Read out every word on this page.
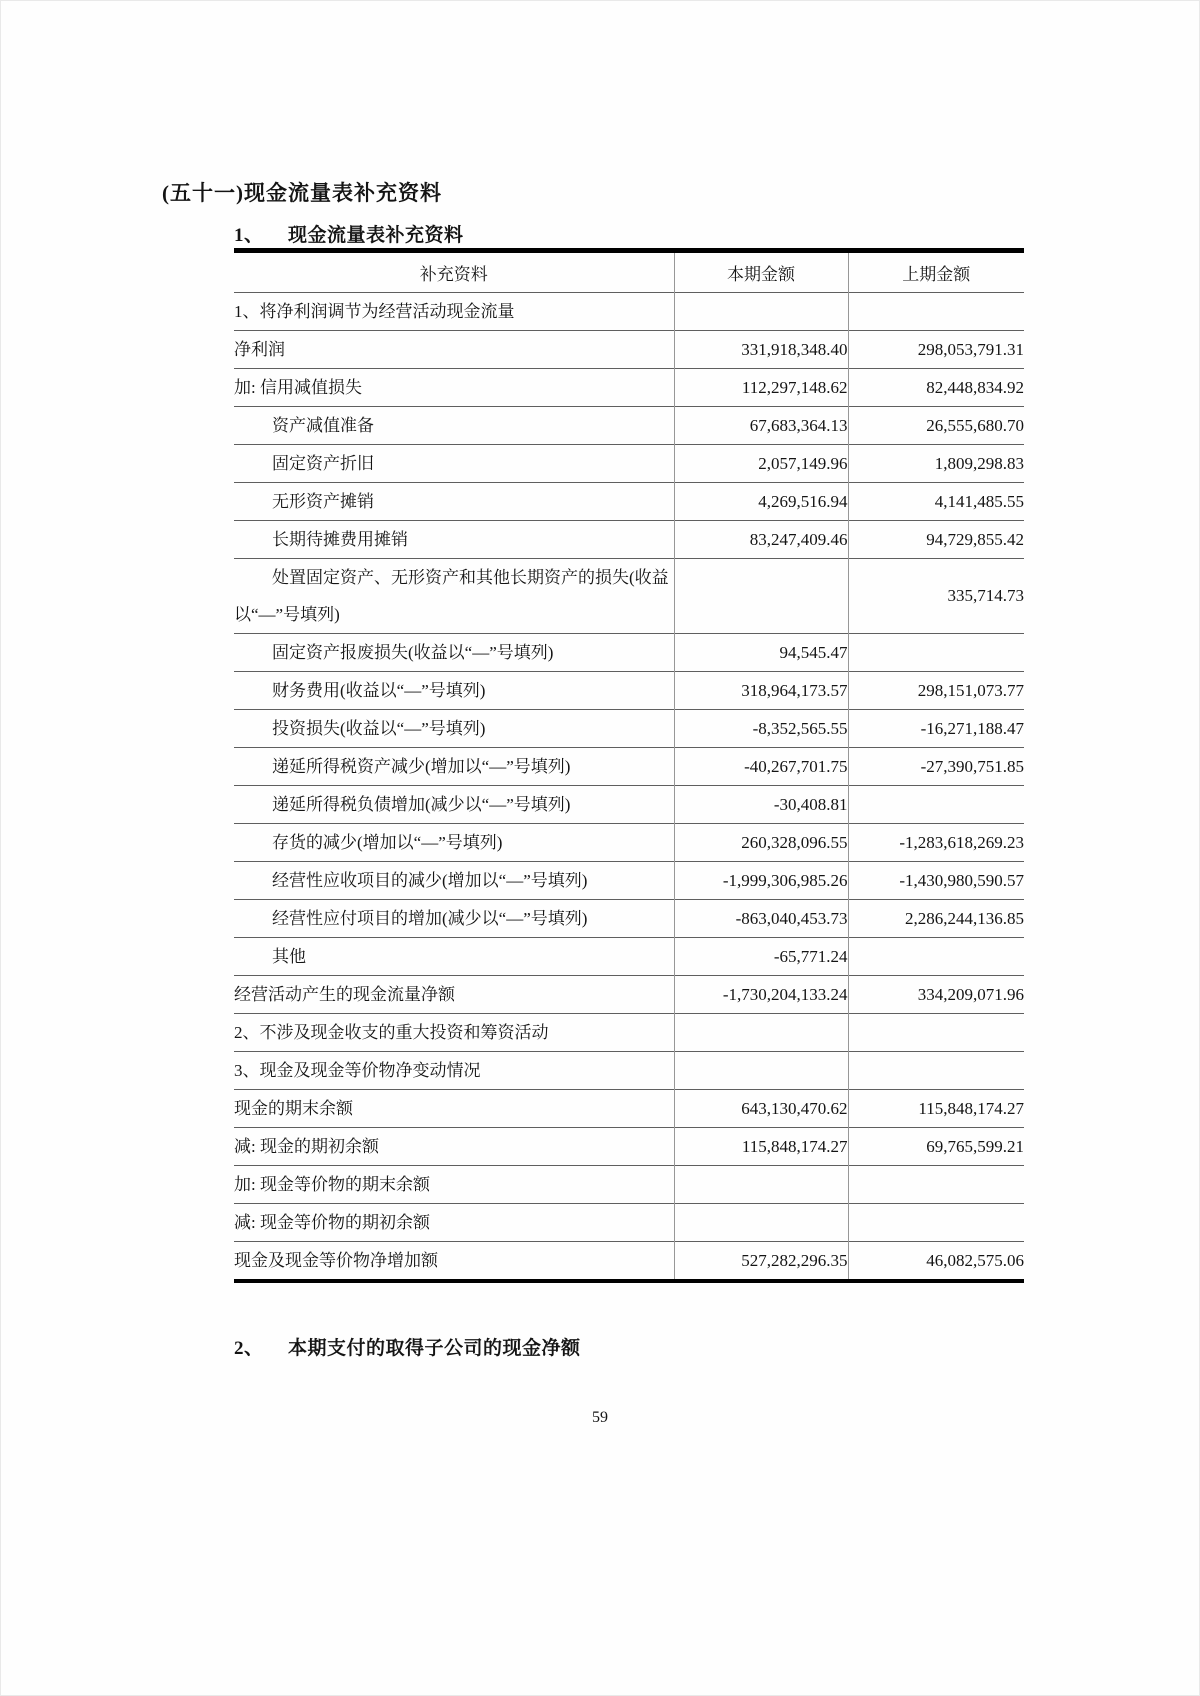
(五十一)现金流量表补充资料
1、 现金流量表补充资料
补充资料	本期金额	上期金额
1、将净利润调节为经营活动现金流量		
净利润	331,918,348.40	298,053,791.31
加: 信用减值损失	112,297,148.62	82,448,834.92
资产减值准备	67,683,364.13	26,555,680.70
固定资产折旧	2,057,149.96	1,809,298.83
无形资产摊销	4,269,516.94	4,141,485.55
长期待摊费用摊销	83,247,409.46	94,729,855.42
处置固定资产、无形资产和其他长期资产的损失(收益以“—”号填列)		335,714.73
固定资产报废损失(收益以“—”号填列)	94,545.47	
财务费用(收益以“—”号填列)	318,964,173.57	298,151,073.77
投资损失(收益以“—”号填列)	-8,352,565.55	-16,271,188.47
递延所得税资产减少(增加以“—”号填列)	-40,267,701.75	-27,390,751.85
递延所得税负债增加(减少以“—”号填列)	-30,408.81	
存货的减少(增加以“—”号填列)	260,328,096.55	-1,283,618,269.23
经营性应收项目的减少(增加以“—”号填列)	-1,999,306,985.26	-1,430,980,590.57
经营性应付项目的增加(减少以“—”号填列)	-863,040,453.73	2,286,244,136.85
其他	-65,771.24	
经营活动产生的现金流量净额	-1,730,204,133.24	334,209,071.96
2、不涉及现金收支的重大投资和筹资活动		
3、现金及现金等价物净变动情况		
现金的期末余额	643,130,470.62	115,848,174.27
减: 现金的期初余额	115,848,174.27	69,765,599.21
加: 现金等价物的期末余额		
减: 现金等价物的期初余额		
现金及现金等价物净增加额	527,282,296.35	46,082,575.06
2、 本期支付的取得子公司的现金净额
59
